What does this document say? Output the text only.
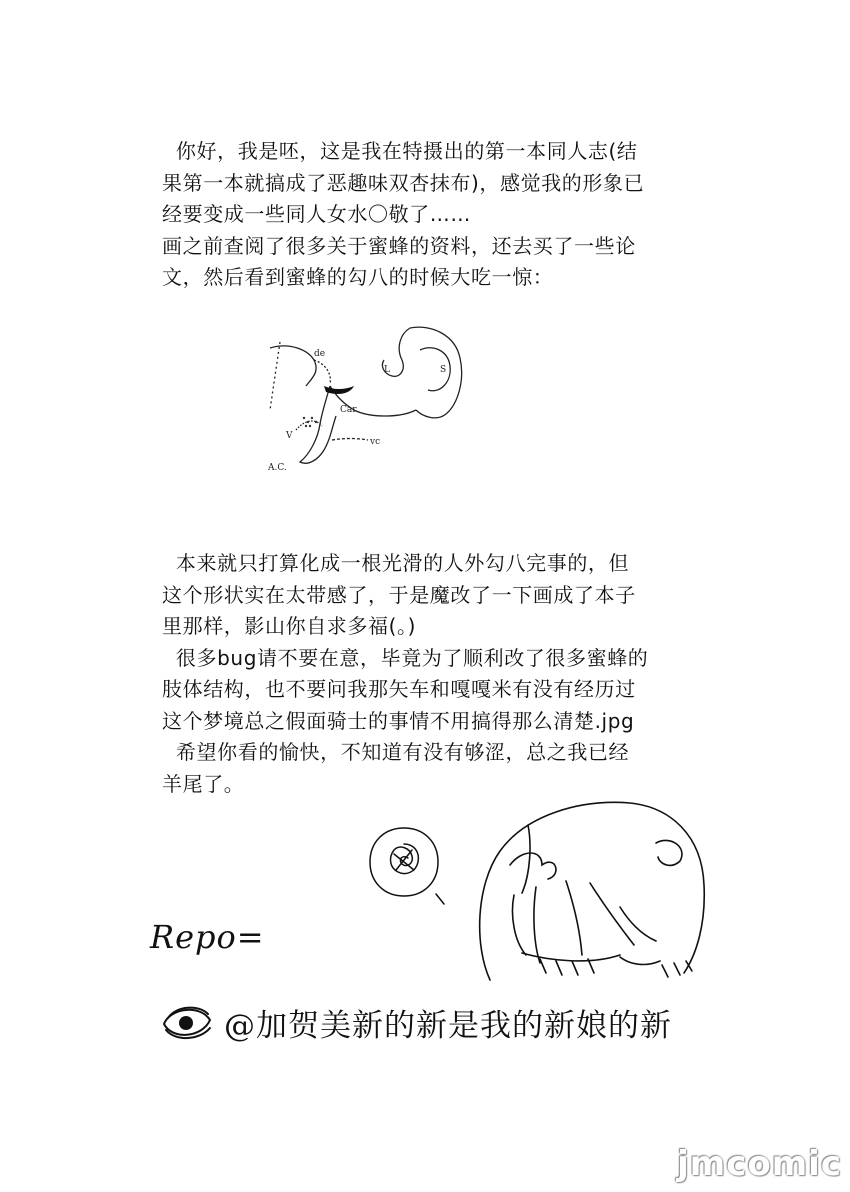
你好，我是呸，这是我在特摄出的第一本同人志(结
果第一本就搞成了恶趣味双杏抹布)，感觉我的形象已
经要变成一些同人女水〇敬了……
画之前查阅了很多关于蜜蜂的资料，还去买了一些论
文，然后看到蜜蜂的勾八的时候大吃一惊：

de
L	S
Car
V
vc
A.C.

本来就只打算化成一根光滑的人外勾八完事的，但
这个形状实在太带感了，于是魔改了一下画成了本子
里那样，影山你自求多福(。)
很多bug请不要在意，毕竟为了顺利改了很多蜜蜂的
肢体结构，也不要问我那矢车和嘎嘎米有没有经历过
这个梦境总之假面骑士的事情不用搞得那么清楚.jpg
希望你看的愉快，不知道有没有够涩，总之我已经
羊尾了。

Repo=
@加贺美新的新是我的新娘的新
jmcomic
